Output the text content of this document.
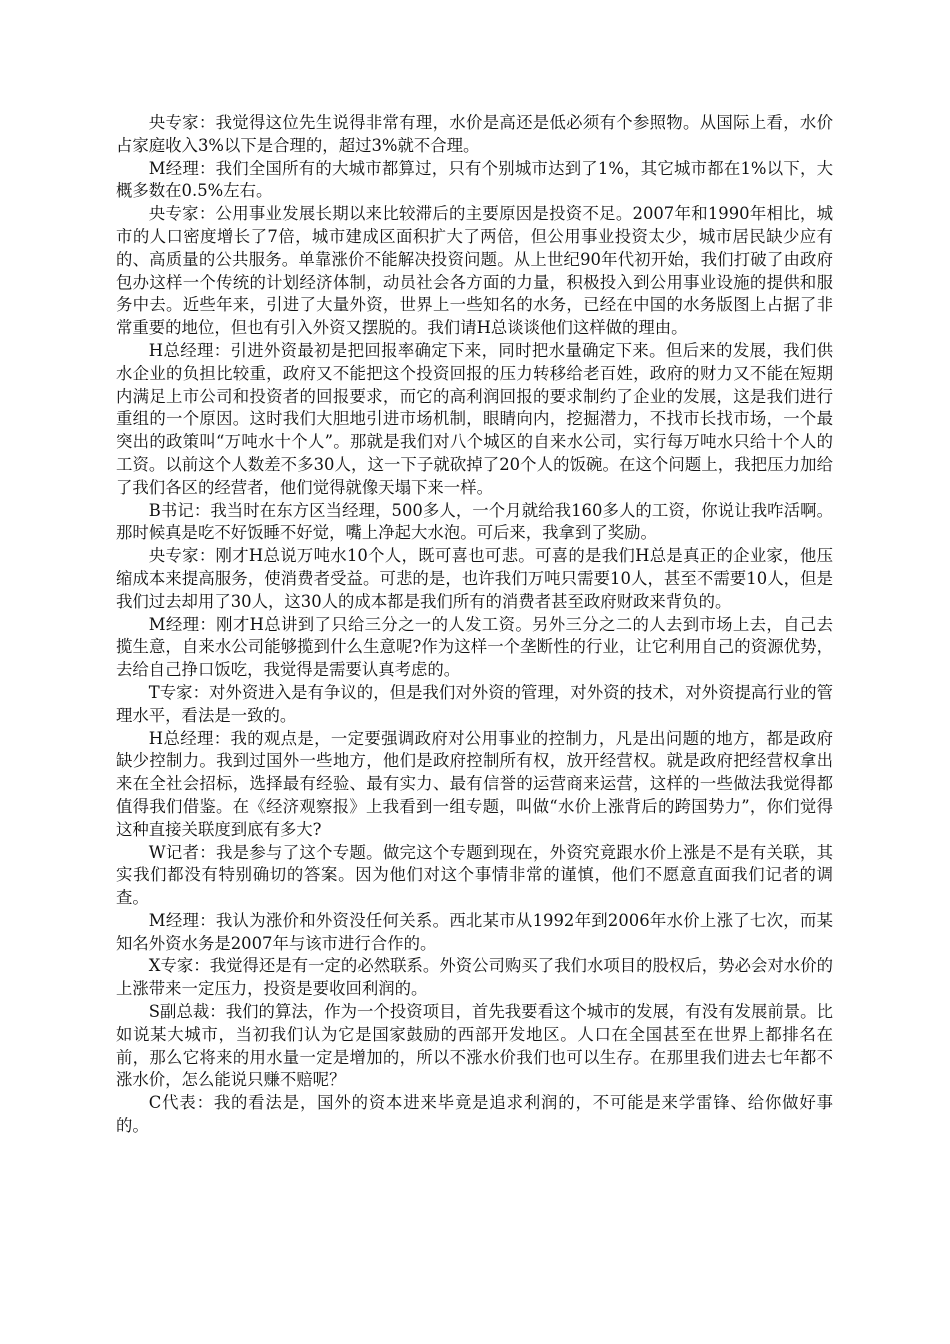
央专家：我觉得这位先生说得非常有理，水价是高还是低必须有个参照物。从国际上看，水价占家庭收入3%以下是合理的，超过3%就不合理。

M经理：我们全国所有的大城市都算过，只有个别城市达到了1%，其它城市都在1%以下，大概多数在0.5%左右。

央专家：公用事业发展长期以来比较滞后的主要原因是投资不足。2007年和1990年相比，城市的人口密度增长了7倍，城市建成区面积扩大了两倍，但公用事业投资太少，城市居民缺少应有的、高质量的公共服务。单靠涨价不能解决投资问题。从上世纪90年代初开始，我们打破了由政府包办这样一个传统的计划经济体制，动员社会各方面的力量，积极投入到公用事业设施的提供和服务中去。近些年来，引进了大量外资，世界上一些知名的水务，已经在中国的水务版图上占据了非常重要的地位，但也有引入外资又摆脱的。我们请H总谈谈他们这样做的理由。

H总经理：引进外资最初是把回报率确定下来，同时把水量确定下来。但后来的发展，我们供水企业的负担比较重，政府又不能把这个投资回报的压力转移给老百姓，政府的财力又不能在短期内满足上市公司和投资者的回报要求，而它的高利润回报的要求制约了企业的发展，这是我们进行重组的一个原因。这时我们大胆地引进市场机制，眼睛向内，挖掘潜力，不找市长找市场，一个最突出的政策叫“万吨水十个人”。那就是我们对八个城区的自来水公司，实行每万吨水只给十个人的工资。以前这个人数差不多30人，这一下子就砍掉了20个人的饭碗。在这个问题上，我把压力加给了我们各区的经营者，他们觉得就像天塌下来一样。

B书记：我当时在东方区当经理，500多人，一个月就给我160多人的工资，你说让我咋活啊。那时候真是吃不好饭睡不好觉，嘴上净起大水泡。可后来，我拿到了奖励。

央专家：刚才H总说万吨水10个人，既可喜也可悲。可喜的是我们H总是真正的企业家，他压缩成本来提高服务，使消费者受益。可悲的是，也许我们万吨只需要10人，甚至不需要10人，但是我们过去却用了30人，这30人的成本都是我们所有的消费者甚至政府财政来背负的。

M经理：刚才H总讲到了只给三分之一的人发工资。另外三分之二的人去到市场上去，自己去揽生意，自来水公司能够揽到什么生意呢?作为这样一个垄断性的行业，让它利用自己的资源优势，去给自己挣口饭吃，我觉得是需要认真考虑的。

T专家：对外资进入是有争议的，但是我们对外资的管理，对外资的技术，对外资提高行业的管理水平，看法是一致的。

H总经理：我的观点是，一定要强调政府对公用事业的控制力，凡是出问题的地方，都是政府缺少控制力。我到过国外一些地方，他们是政府控制所有权，放开经营权。就是政府把经营权拿出来在全社会招标，选择最有经验、最有实力、最有信誉的运营商来运营，这样的一些做法我觉得都值得我们借鉴。在《经济观察报》上我看到一组专题，叫做“水价上涨背后的跨国势力”，你们觉得这种直接关联度到底有多大?

W记者：我是参与了这个专题。做完这个专题到现在，外资究竟跟水价上涨是不是有关联，其实我们都没有特别确切的答案。因为他们对这个事情非常的谨慎，他们不愿意直面我们记者的调查。

M经理：我认为涨价和外资没任何关系。西北某市从1992年到2006年水价上涨了七次，而某知名外资水务是2007年与该市进行合作的。

X专家：我觉得还是有一定的必然联系。外资公司购买了我们水项目的股权后，势必会对水价的上涨带来一定压力，投资是要收回利润的。

S副总裁：我们的算法，作为一个投资项目，首先我要看这个城市的发展，有没有发展前景。比如说某大城市，当初我们认为它是国家鼓励的西部开发地区。人口在全国甚至在世界上都排名在前，那么它将来的用水量一定是增加的，所以不涨水价我们也可以生存。在那里我们进去七年都不涨水价，怎么能说只赚不赔呢？

C代表：我的看法是，国外的资本进来毕竟是追求利润的，不可能是来学雷锋、给你做好事的。
